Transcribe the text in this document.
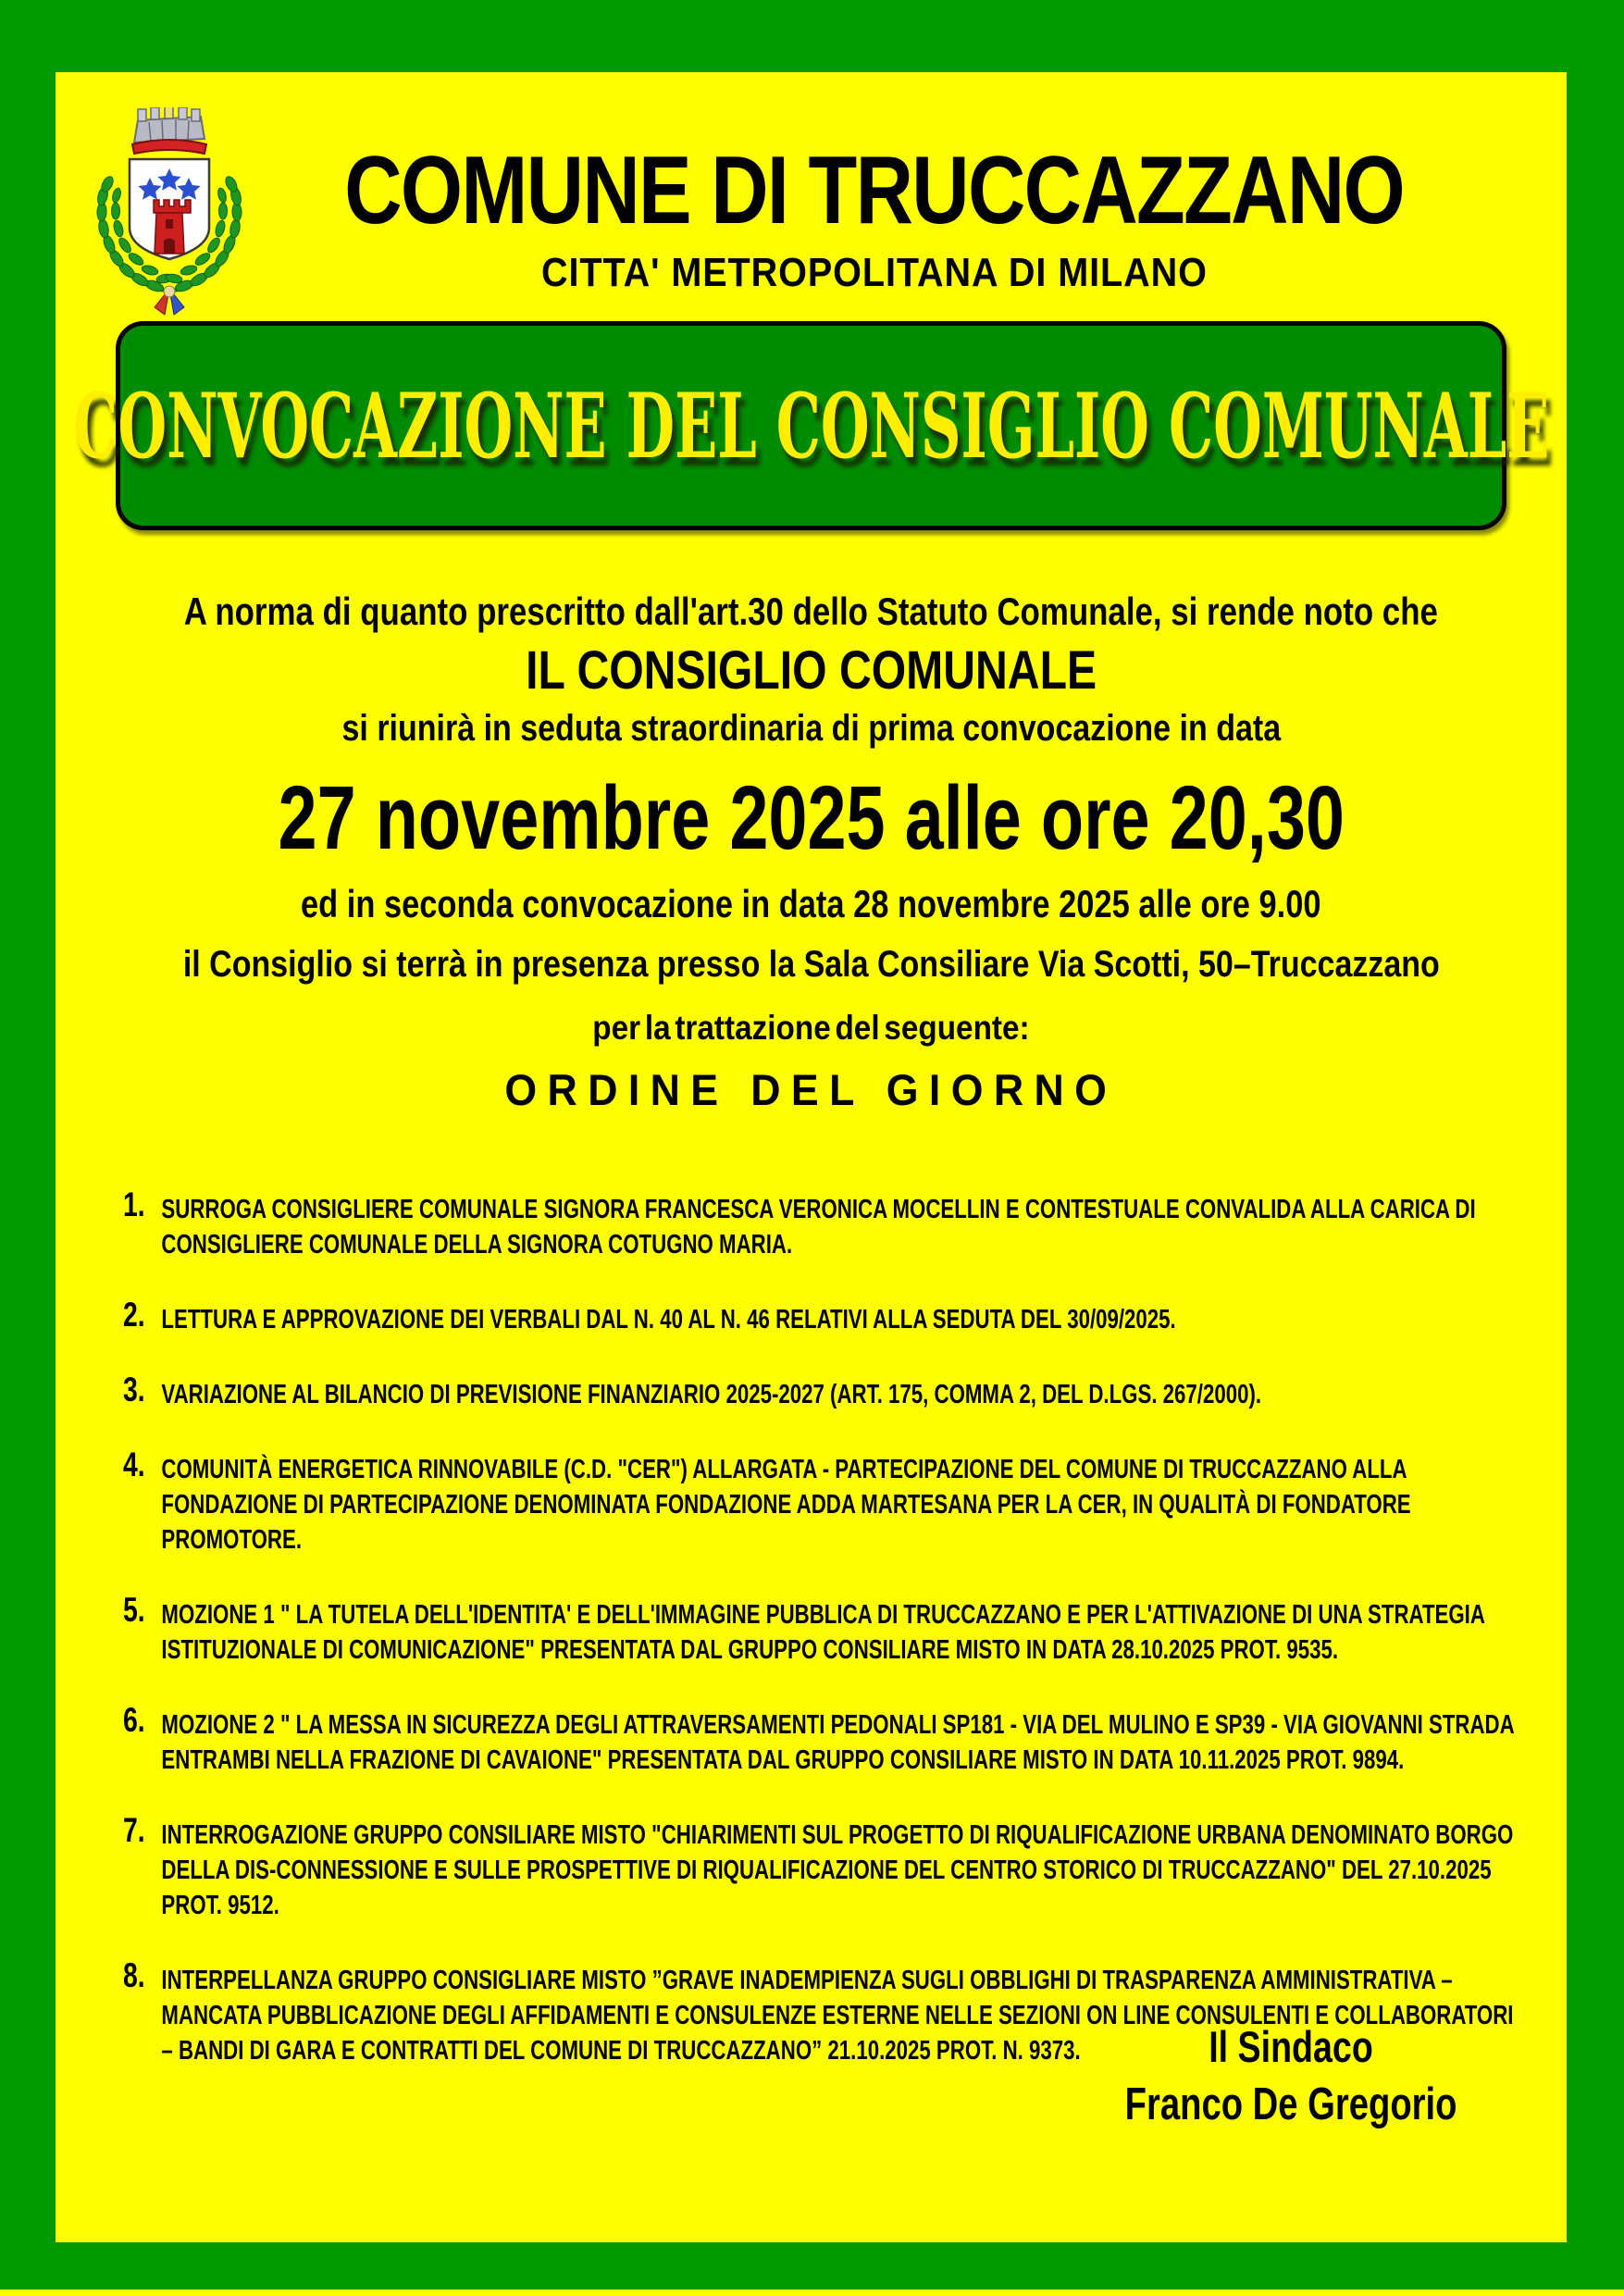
COMUNE DI TRUCCAZZANO
CITTA' METROPOLITANA DI MILANO
CONVOCAZIONE DEL CONSIGLIO COMUNALE
A norma di quanto prescritto dall'art.30 dello Statuto Comunale, si rende noto che
IL CONSIGLIO COMUNALE
si riunirà in seduta straordinaria di prima convocazione in data
27 novembre 2025 alle ore 20,30
ed in seconda convocazione in data 28 novembre 2025 alle ore 9.00
il Consiglio si terrà in presenza presso la Sala Consiliare Via Scotti, 50–Truccazzano
per la trattazione del seguente:
ORDINE DEL GIORNO
1. SURROGA CONSIGLIERE COMUNALE SIGNORA FRANCESCA VERONICA MOCELLIN E CONTESTUALE CONVALIDA ALLA CARICA DI CONSIGLIERE COMUNALE DELLA SIGNORA COTUGNO MARIA.
2. LETTURA E APPROVAZIONE DEI VERBALI DAL N. 40 AL N. 46 RELATIVI ALLA SEDUTA DEL 30/09/2025.
3. VARIAZIONE AL BILANCIO DI PREVISIONE FINANZIARIO 2025-2027 (ART. 175, COMMA 2, DEL D.LGS. 267/2000).
4. COMUNITÀ ENERGETICA RINNOVABILE (C.D. "CER") ALLARGATA - PARTECIPAZIONE DEL COMUNE DI TRUCCAZZANO ALLA FONDAZIONE DI PARTECIPAZIONE DENOMINATA FONDAZIONE ADDA MARTESANA PER LA CER, IN QUALITÀ DI FONDATORE PROMOTORE.
5. MOZIONE 1 " LA TUTELA DELL'IDENTITA' E DELL'IMMAGINE PUBBLICA DI TRUCCAZZANO E PER L'ATTIVAZIONE DI UNA STRATEGIA ISTITUZIONALE DI COMUNICAZIONE" PRESENTATA DAL GRUPPO CONSILIARE MISTO IN DATA 28.10.2025 PROT. 9535.
6. MOZIONE 2 " LA MESSA IN SICUREZZA DEGLI ATTRAVERSAMENTI PEDONALI SP181 - VIA DEL MULINO E SP39 - VIA GIOVANNI STRADA ENTRAMBI NELLA FRAZIONE DI CAVAIONE" PRESENTATA DAL GRUPPO CONSILIARE MISTO IN DATA 10.11.2025 PROT. 9894.
7. INTERROGAZIONE GRUPPO CONSILIARE MISTO "CHIARIMENTI SUL PROGETTO DI RIQUALIFICAZIONE URBANA DENOMINATO BORGO DELLA DIS-CONNESSIONE E SULLE PROSPETTIVE DI RIQUALIFICAZIONE DEL CENTRO STORICO DI TRUCCAZZANO" DEL 27.10.2025 PROT. 9512.
8. INTERPELLANZA GRUPPO CONSIGLIARE MISTO ”GRAVE INADEMPIENZA SUGLI OBBLIGHI DI TRASPARENZA AMMINISTRATIVA – MANCATA PUBBLICAZIONE DEGLI AFFIDAMENTI E CONSULENZE ESTERNE NELLE SEZIONI ON LINE CONSULENTI E COLLABORATORI – BANDI DI GARA E CONTRATTI DEL COMUNE DI TRUCCAZZANO” 21.10.2025 PROT. N. 9373.	Il Sindaco
Franco De Gregorio
